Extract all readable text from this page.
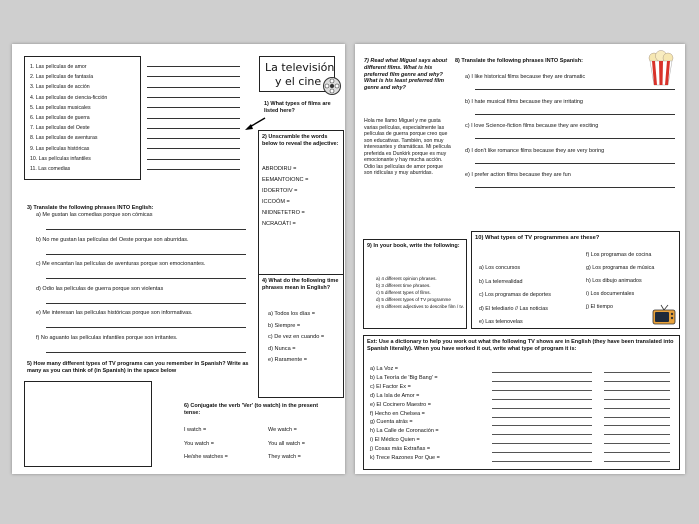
1. Las películas de amor
2. Las películas de fantasía
3. Las películas de acción
4. Las películas de ciencia-ficción
5. Las películas musicales
6. Las películas de guerra
7. Las películas del Oeste
8. Las películas de aventuras
9. Las películas históricas
10. Las películas infantiles
11. Las comedias
La televisión
y el cine
1) What types of films are listed here?
2) Unscramble the words below to reveal the adjective:
ABRODIRU =
EEMANTOIONC =
IDOERTOIV =
ICCOÓM =
NIIDNETETRO =
NCRAOÁTI =
3) Translate the following phrases INTO English:
a) Me gustan las comedias porque son cómicas
b) No me gustan las películas del Oeste porque son aburridas.
c) Me encantan las películas de aventuras porque son emocionantes.
d) Odio las películas de guerra porque son violentas
e) Me interesan las películas históricas porque son informativas.
f) No aguanto las películas infantiles porque son irritantes.
4) What do the following time phrases mean in English?
a) Todos los días =
b) Siempre =
c) De vez en cuando =
d) Nunca =
e) Raramente =
5) How many different types of TV programs can you remember in Spanish? Write as many as you can think of (in Spanish) in the space below
6) Conjugate the verb 'Ver' (to watch) in the present tense:
I watch =
You watch =
He/she watches =
We watch =
You all watch =
They watch =
7) Read what Miguel says about different films. What is his preferred film genre and why? What is his least preferred film genre and why?
Hola me llamo Miguel y me gusta varias películas, especialmente las películas de guerra porque creo que son educativas. También, son muy interesantes y dramáticas. Mi película preferida es Dunkirk porque es muy emocionante y hay mucha acción. Odio las películas de amor porque son ridículas y muy aburridas.
8) Translate the following phrases INTO Spanish:
a) I like historical films because they are dramatic
b) I hate musical films because they are irritating
c) I love Science-fiction films because they are exciting
d) I don't like romance films because they are very boring
e) I prefer action films because they are fun
9) In your book, write the following:
a) 4 different opinion phrases.
b) 3 different time phrases.
c) 5 different types of films.
d) 5 different types of TV programme
e) 5 different adjectives to describe film / tv.
10) What types of TV programmes are these?
a) Los concursos
b) La telerrealidad
c) Los programas de deportes
d) El telediario // Las noticias
e) Las telenovelas
f) Los programas de cocina
g) Los programas de música
h) Los dibujo animados
i) Los documentales
j) El tiempo
Ext: Use a dictionary to help you work out what the following TV shows are in English (they have been translated into Spanish literally). When you have worked it out, write what type of program it is:
a) La Voz =
b) La Teoría de 'Big Bang' =
c) El Factor Ex =
d) La Isla de Amor =
e) El Cocinero Maestro =
f) Hecho en Chelsea =
g) Cuenta atrás =
h) La Calle de Coronación =
i) El Médico Quien =
j) Cosas más Extrañas =
k) Trece Razones Por Que =
